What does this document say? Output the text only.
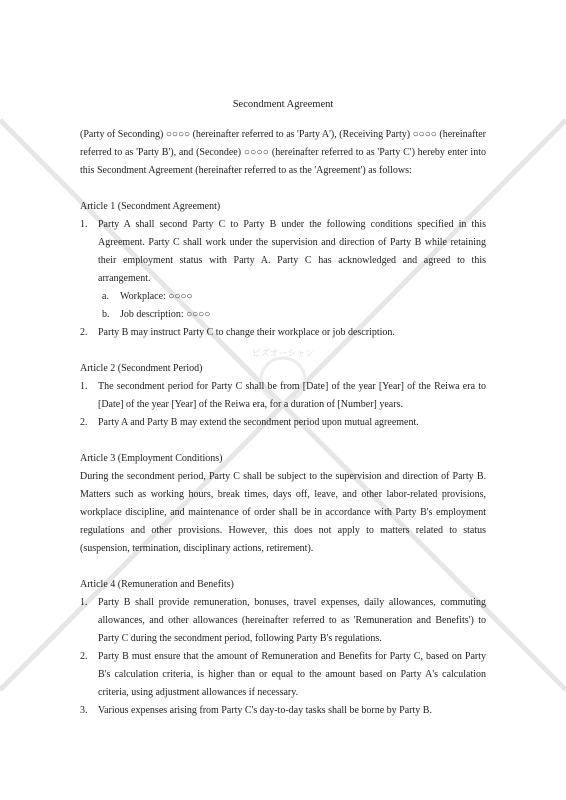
ビズオーシャン

Secondment Agreement

(Party of Seconding) ○○○○ (hereinafter referred to as 'Party A'), (Receiving Party) ○○○○ (hereinafter referred to as 'Party B'), and (Secondee) ○○○○ (hereinafter referred to as 'Party C') hereby enter into this Secondment Agreement (hereinafter referred to as the 'Agreement') as follows:

Article 1 (Secondment Agreement)

1. Party A shall second Party C to Party B under the following conditions specified in this Agreement. Party C shall work under the supervision and direction of Party B while retaining their employment status with Party A. Party C has acknowledged and agreed to this arrangement.
a. Workplace: ○○○○
b. Job description: ○○○○
2. Party B may instruct Party C to change their workplace or job description.

Article 2 (Secondment Period)

1. The secondment period for Party C shall be from [Date] of the year [Year] of the Reiwa era to [Date] of the year [Year] of the Reiwa era, for a duration of [Number] years.
2. Party A and Party B may extend the secondment period upon mutual agreement.

Article 3 (Employment Conditions)

During the secondment period, Party C shall be subject to the supervision and direction of Party B. Matters such as working hours, break times, days off, leave, and other labor-related provisions, workplace discipline, and maintenance of order shall be in accordance with Party B's employment regulations and other provisions. However, this does not apply to matters related to status (suspension, termination, disciplinary actions, retirement).

Article 4 (Remuneration and Benefits)

1. Party B shall provide remuneration, bonuses, travel expenses, daily allowances, commuting allowances, and other allowances (hereinafter referred to as 'Remuneration and Benefits') to Party C during the secondment period, following Party B's regulations.
2. Party B must ensure that the amount of Remuneration and Benefits for Party C, based on Party B's calculation criteria, is higher than or equal to the amount based on Party A's calculation criteria, using adjustment allowances if necessary.
3. Various expenses arising from Party C's day-to-day tasks shall be borne by Party B.
